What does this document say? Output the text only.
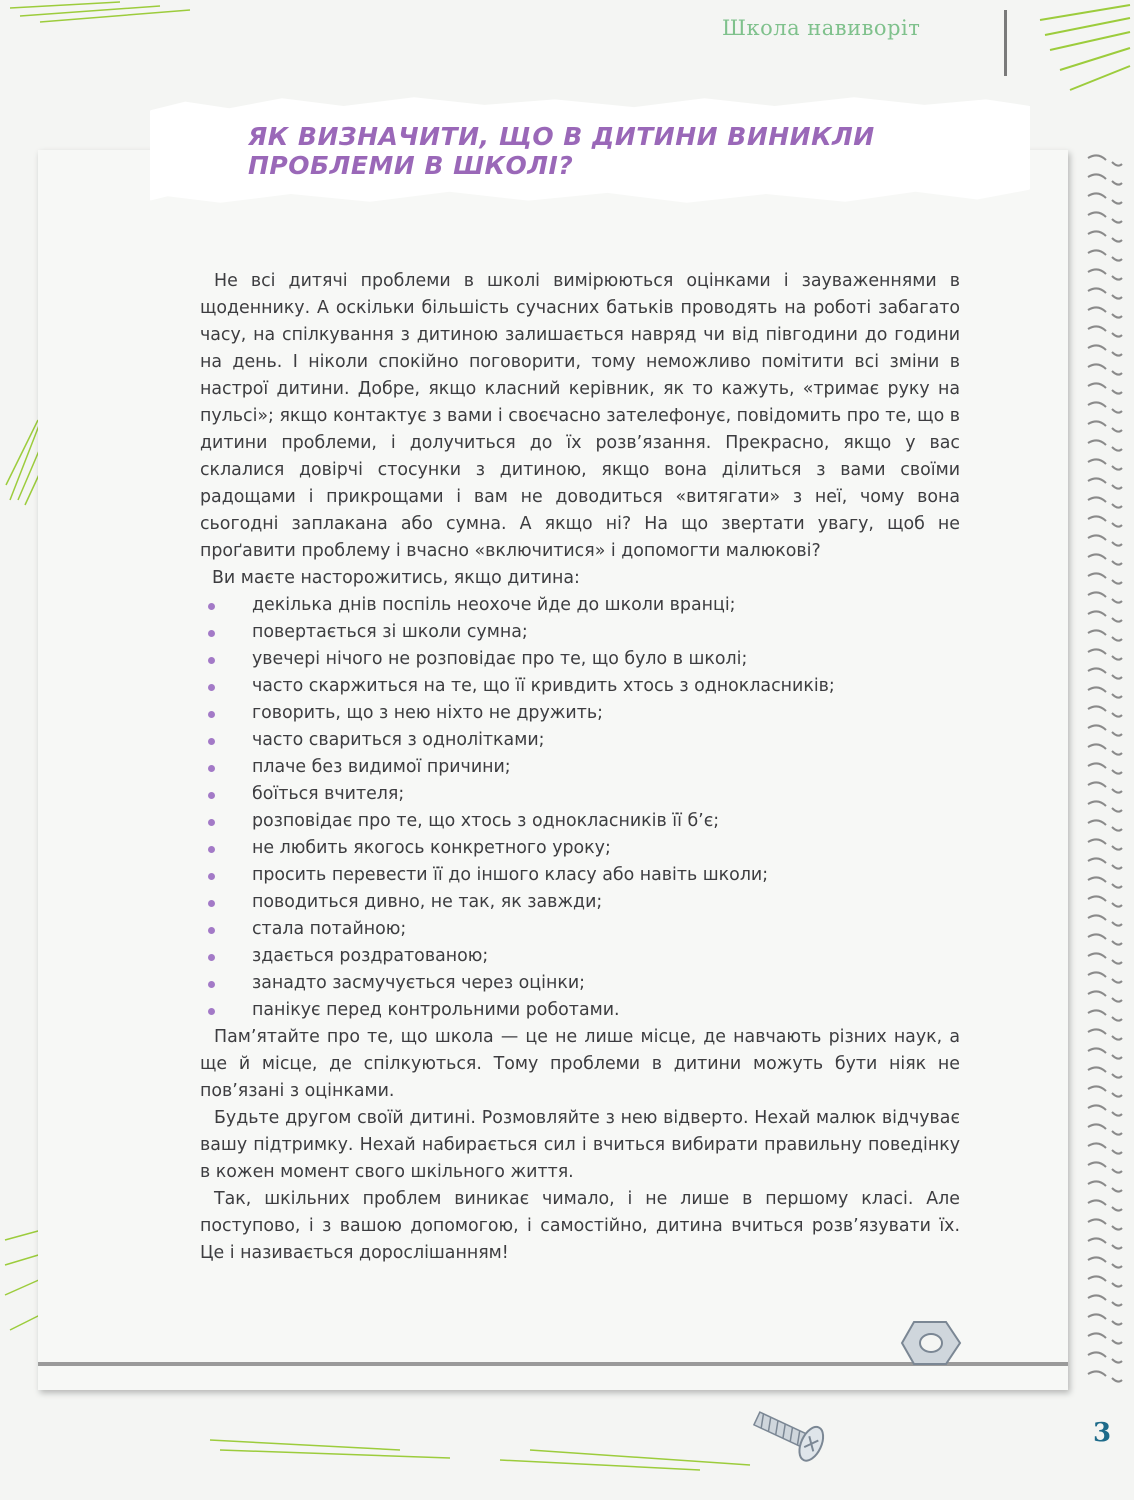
Школа навиворіт
ЯК ВИЗНАЧИТИ, ЩО В ДИТИНИ ВИНИКЛИ ПРОБЛЕМИ В ШКОЛІ?

Не всі дитячі проблеми в школі вимірюються оцінками і зауваженнями в щоденнику. А оскільки більшість сучасних батьків проводять на роботі забагато часу, на спілкування з дитиною залишається навряд чи від півгодини до години на день. І ніколи спокійно поговорити, тому неможливо помітити всі зміни в настрої дитини. Добре, якщо класний керівник, як то кажуть, «тримає руку на пульсі»; якщо контактує з вами і своєчасно зателефонує, повідомить про те, що в дитини проблеми, і долучиться до їх розв’язання. Прекрасно, якщо у вас склалися довірчі стосунки з дитиною, якщо вона ділиться з вами своїми радощами і прикрощами і вам не доводиться «витягати» з неї, чому вона сьогодні заплакана або сумна. А якщо ні? На що звертати увагу, щоб не проґавити проблему і вчасно «включитися» і допомогти малюкові?

Ви маєте насторожитись, якщо дитина:

декілька днів поспіль неохоче йде до школи вранці;
повертається зі школи сумна;
увечері нічого не розповідає про те, що було в школі;
часто скаржиться на те, що її кривдить хтось з однокласників;
говорить, що з нею ніхто не дружить;
часто свариться з однолітками;
плаче без видимої причини;
боїться вчителя;
розповідає про те, що хтось з однокласників її б’є;
не любить якогось конкретного уроку;
просить перевести її до іншого класу або навіть школи;
поводиться дивно, не так, як завжди;
стала потайною;
здається роздратованою;
занадто засмучується через оцінки;
панікує перед контрольними роботами.

Пам’ятайте про те, що школа — це не лише місце, де навчають різних наук, а ще й місце, де спілкуються. Тому проблеми в дитини можуть бути ніяк не пов’язані з оцінками.

Будьте другом своїй дитині. Розмовляйте з нею відверто. Нехай малюк відчуває вашу підтримку. Нехай набирається сил і вчиться вибирати правильну поведінку в кожен момент свого шкільного життя.

Так, шкільних проблем виникає чимало, і не лише в першому класі. Але поступово, і з вашою допомогою, і самостійно, дитина вчиться розв’язувати їх. Це і називається дорослішанням!

3
